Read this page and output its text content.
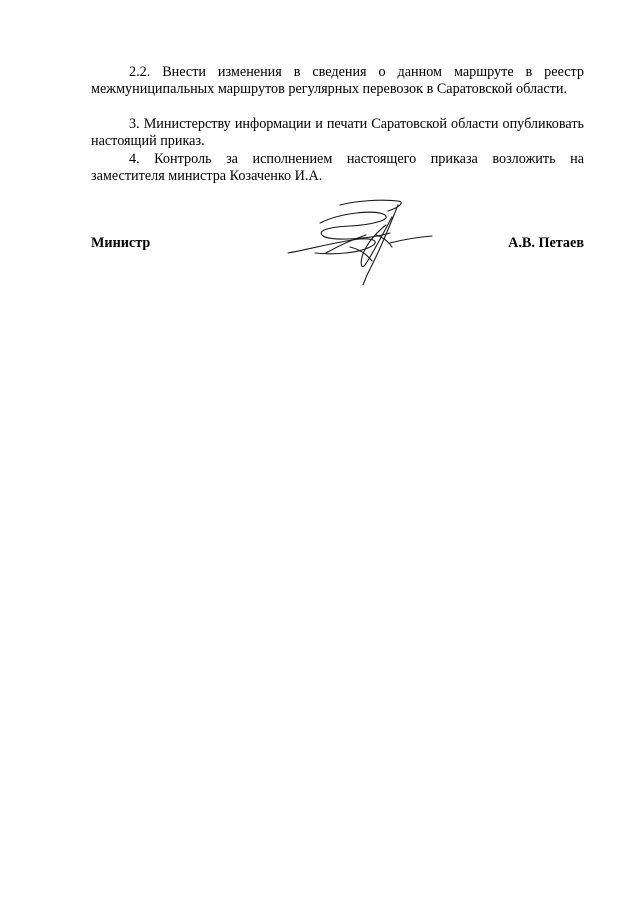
2.2. Внести изменения в сведения о данном маршруте в реестр межмуниципальных маршрутов регулярных перевозок в Саратовской области.

3. Министерству информации и печати Саратовской области опубликовать настоящий приказ.

4. Контроль за исполнением настоящего приказа возложить на заместителя министра Козаченко И.А.

Министр	А.В. Петаев
